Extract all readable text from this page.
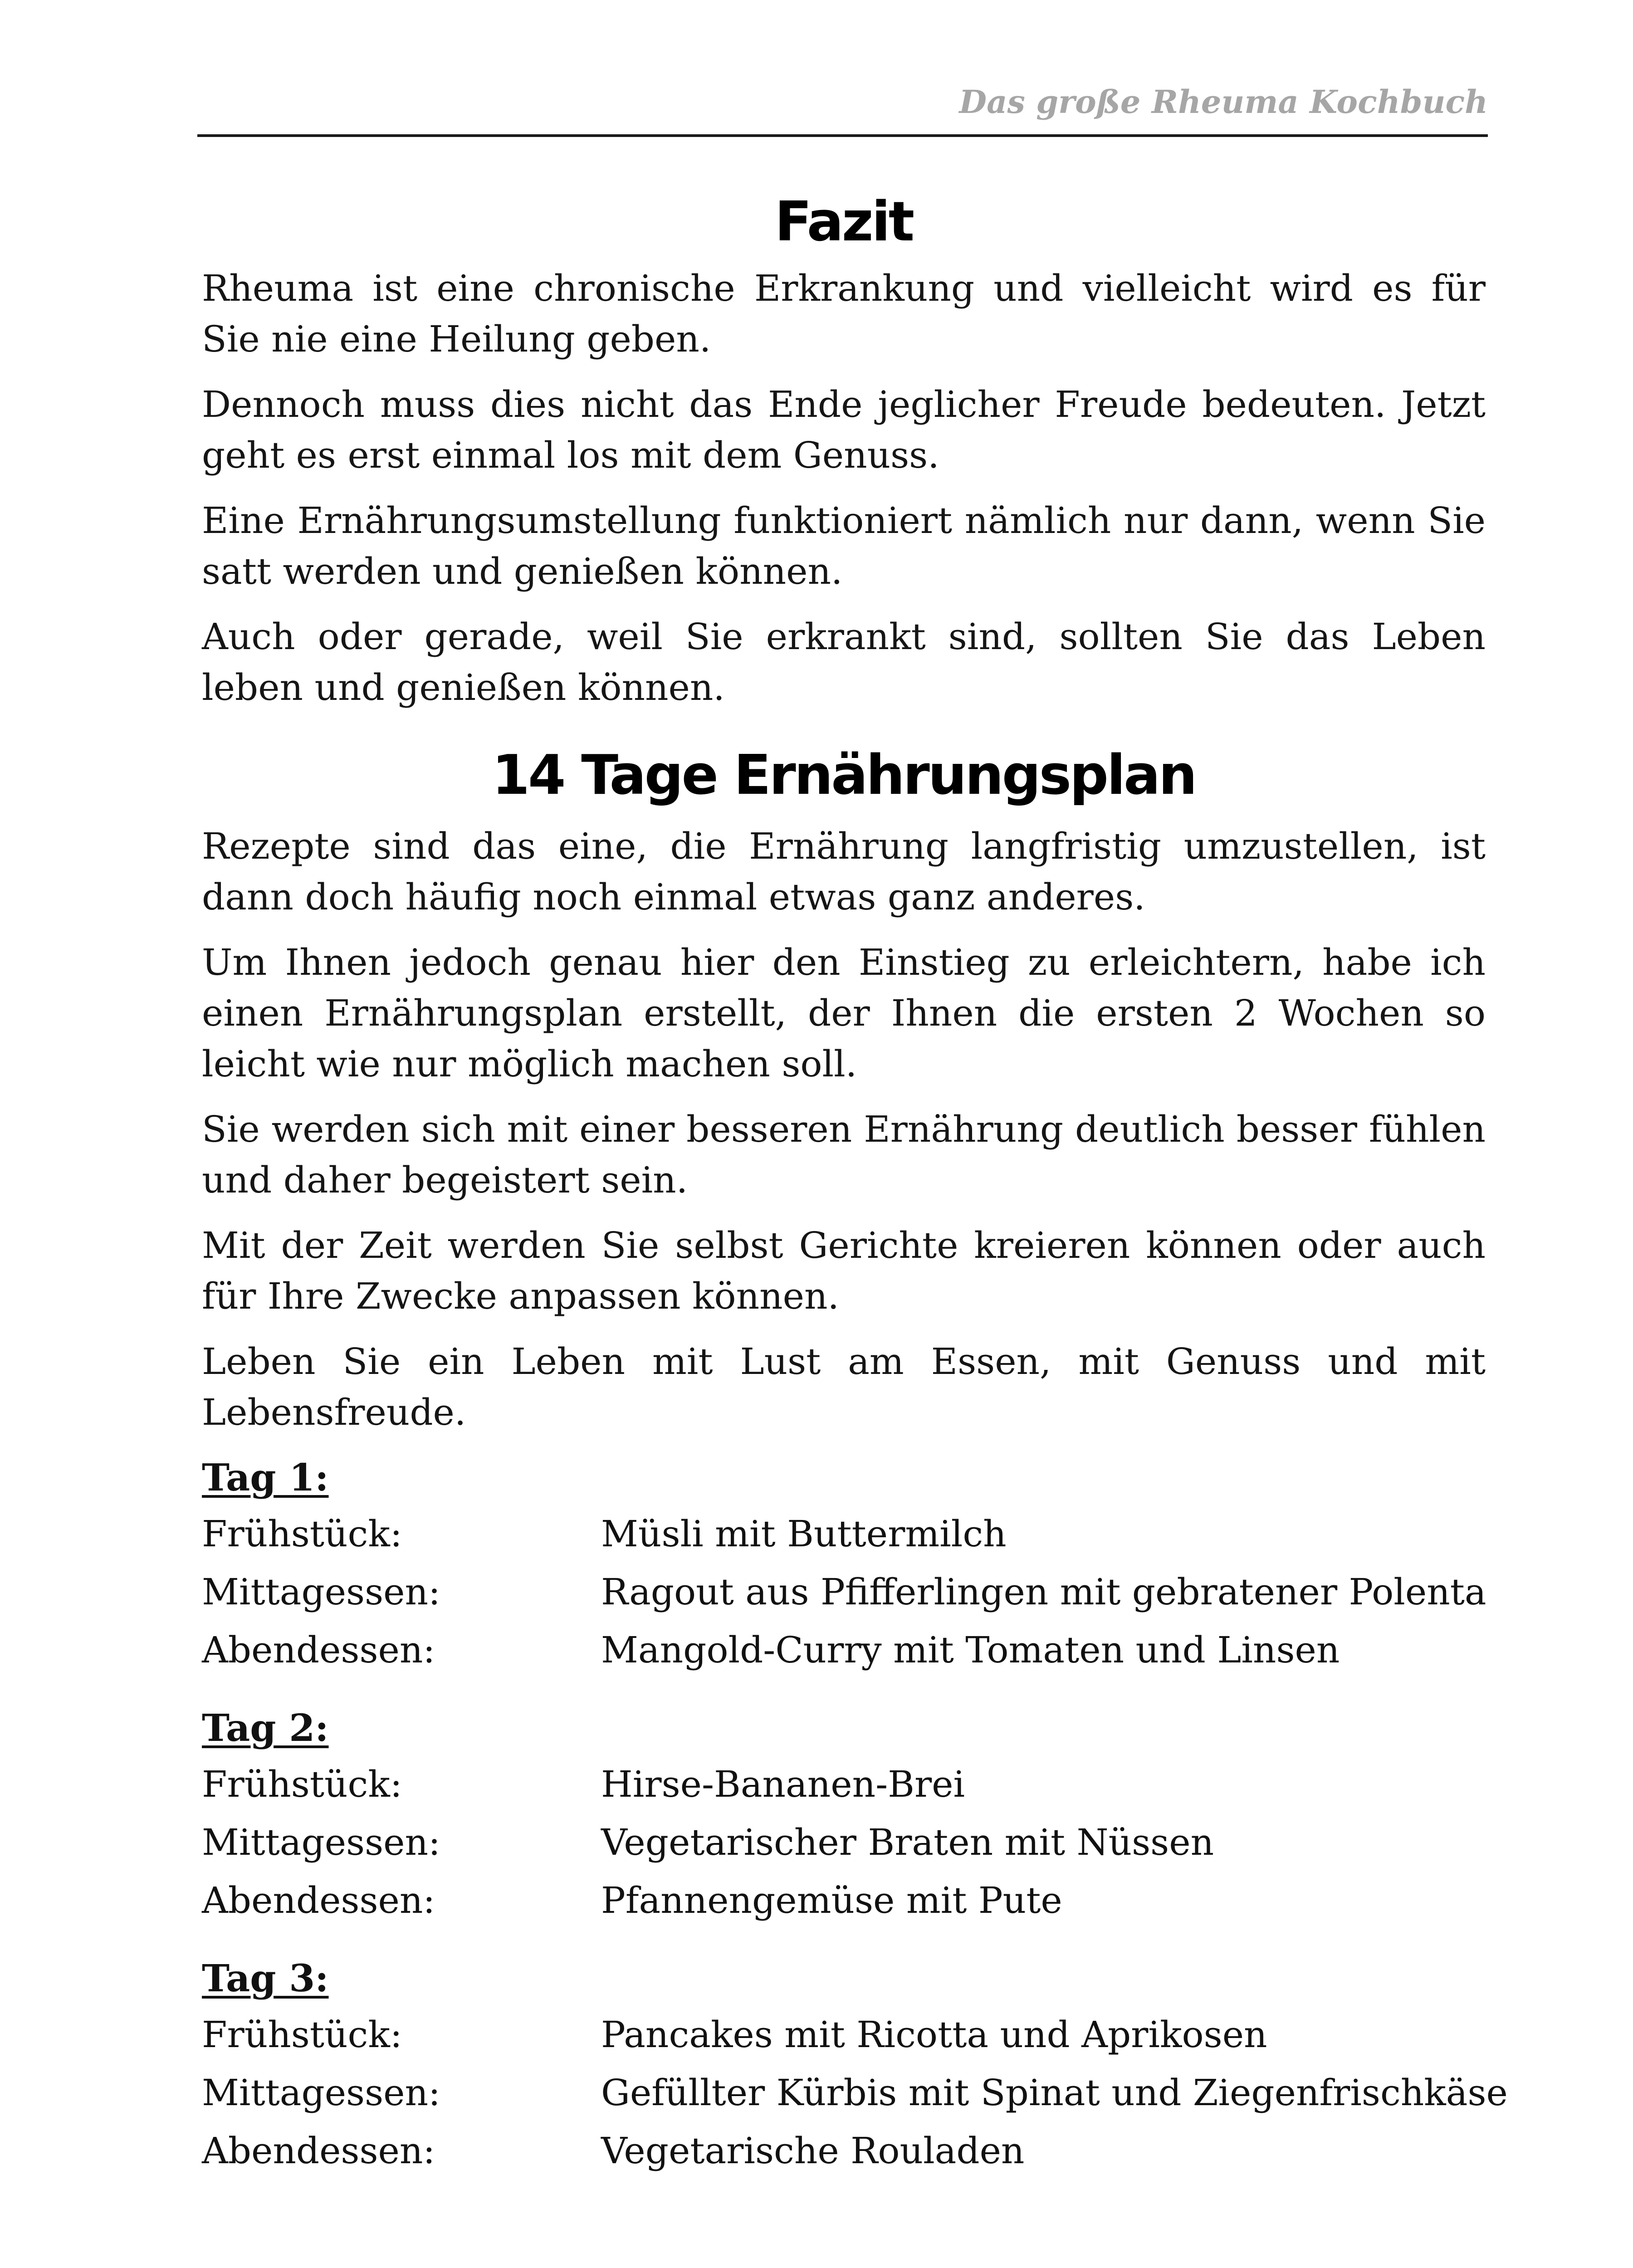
Das große Rheuma Kochbuch
Fazit

Rheuma ist eine chronische Erkrankung und vielleicht wird es für Sie nie eine Heilung geben.

Dennoch muss dies nicht das Ende jeglicher Freude bedeuten. Jetzt geht es erst einmal los mit dem Genuss.

Eine Ernährungsumstellung funktioniert nämlich nur dann, wenn Sie satt werden und genießen können.

Auch oder gerade, weil Sie erkrankt sind, sollten Sie das Leben leben und genießen können.

14 Tage Ernährungsplan

Rezepte sind das eine, die Ernährung langfristig umzustellen, ist dann doch häufig noch einmal etwas ganz anderes.

Um Ihnen jedoch genau hier den Einstieg zu erleichtern, habe ich einen Ernährungsplan erstellt, der Ihnen die ersten 2 Wochen so leicht wie nur möglich machen soll.

Sie werden sich mit einer besseren Ernährung deutlich besser fühlen und daher begeistert sein.

Mit der Zeit werden Sie selbst Gerichte kreieren können oder auch für Ihre Zwecke anpassen können.

Leben Sie ein Leben mit Lust am Essen, mit Genuss und mit Lebensfreude.

Tag 1:
Frühstück:	Müsli mit Buttermilch
Mittagessen:	Ragout aus Pfifferlingen mit gebratener Polenta
Abendessen:	Mangold-Curry mit Tomaten und Linsen
Tag 2:
Frühstück:	Hirse-Bananen-Brei
Mittagessen:	Vegetarischer Braten mit Nüssen
Abendessen:	Pfannengemüse mit Pute
Tag 3:
Frühstück:	Pancakes mit Ricotta und Aprikosen
Mittagessen:	Gefüllter Kürbis mit Spinat und Ziegenfrischkäse
Abendessen:	Vegetarische Rouladen
